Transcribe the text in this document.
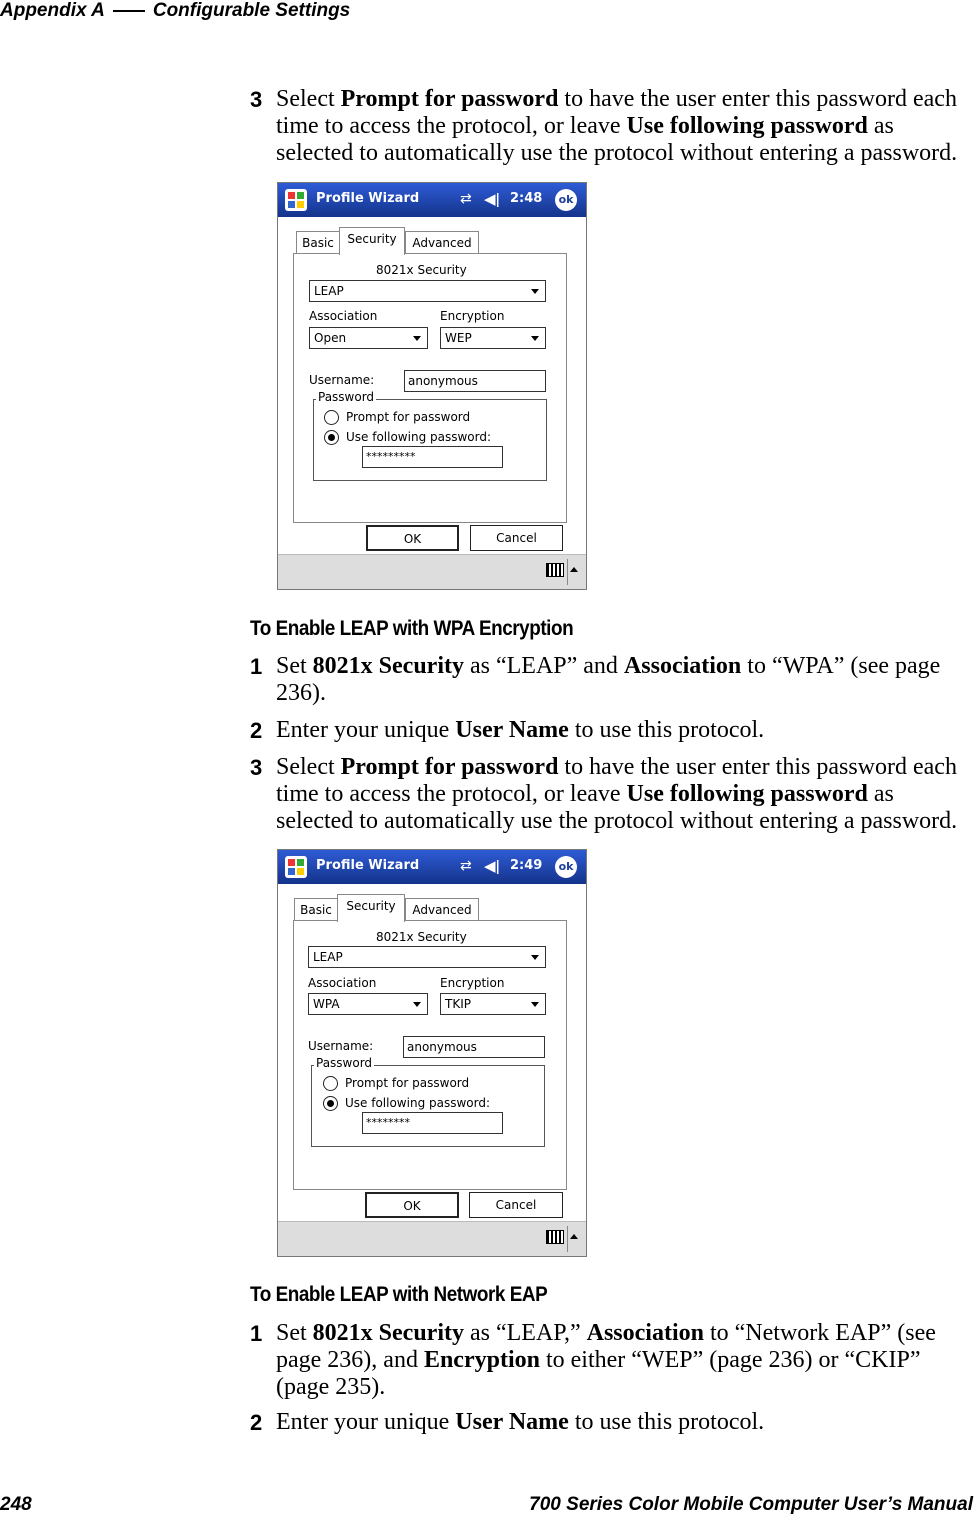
Appendix A	Configurable Settings
3 Select Prompt for password to have the user enter this password each time to access the protocol, or leave Use following password as selected to automatically use the protocol without entering a password.
Profile Wizard	⇄ ◀ǀ 2:48	ok
Basic	Security	Advanced
8021x Security
LEAP
Association	Encryption
Open	WEP
Username:	anonymous
Password
Prompt for password
Use following password:
*********
OK	Cancel
To Enable LEAP with WPA Encryption
1 Set 8021x Security as “LEAP” and Association to “WPA” (see page 236).
2 Enter your unique User Name to use this protocol.
3 Select Prompt for password to have the user enter this password each time to access the protocol, or leave Use following password as selected to automatically use the protocol without entering a password.
Profile Wizard	⇄ ◀ǀ 2:49	ok
Basic	Security	Advanced
8021x Security
LEAP
Association	Encryption
WPA	TKIP
Username:	anonymous
Password
Prompt for password
Use following password:
********
OK	Cancel
To Enable LEAP with Network EAP
1 Set 8021x Security as “LEAP,” Association to “Network EAP” (see page 236), and Encryption to either “WEP” (page 236) or “CKIP” (page 235).
2 Enter your unique User Name to use this protocol.
248	700 Series Color Mobile Computer User’s Manual
